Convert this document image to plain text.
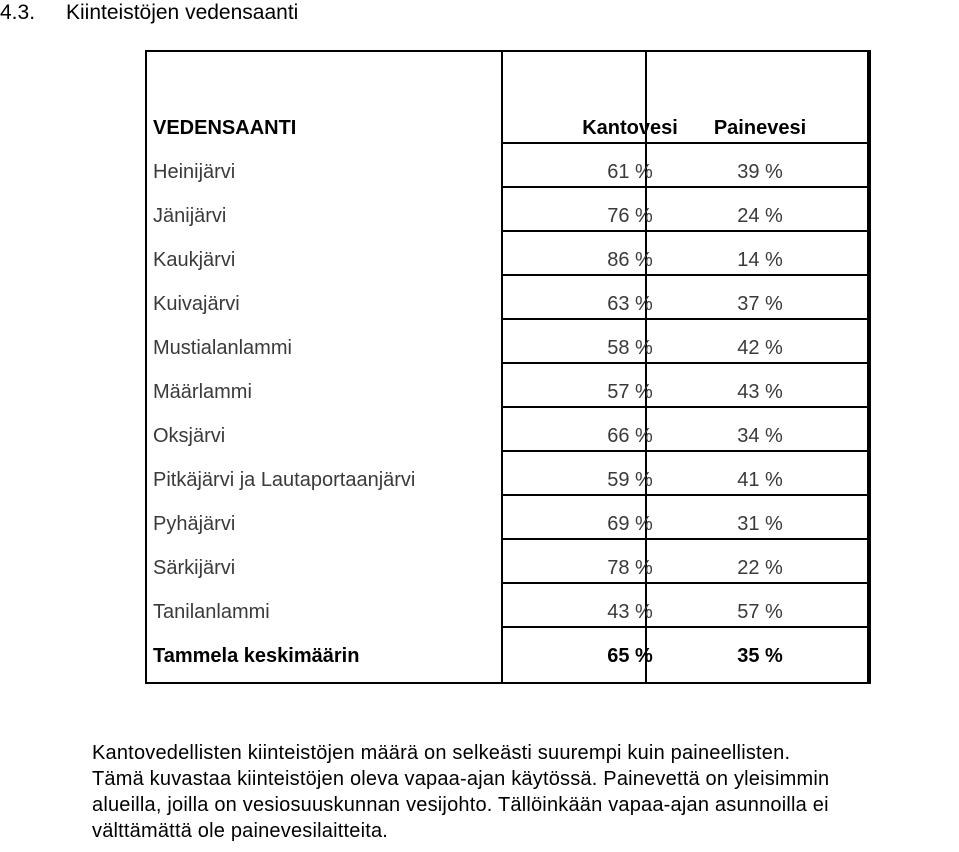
4.3. Kiinteistöjen vedensaanti
VEDENSAANTI	Kantovesi	Painevesi
Heinijärvi	61 %	39 %
Jänijärvi	76 %	24 %
Kaukjärvi	86 %	14 %
Kuivajärvi	63 %	37 %
Mustialanlammi	58 %	42 %
Määrlammi	57 %	43 %
Oksjärvi	66 %	34 %
Pitkäjärvi ja Lautaportaanjärvi	59 %	41 %
Pyhäjärvi	69 %	31 %
Särkijärvi	78 %	22 %
Tanilanlammi	43 %	57 %
Tammela keskimäärin	65 %	35 %
Kantovedellisten kiinteistöjen määrä on selkeästi suurempi kuin paineellisten.
Tämä kuvastaa kiinteistöjen oleva vapaa-ajan käytössä. Painevettä on yleisimmin
alueilla, joilla on vesiosuuskunnan vesijohto. Tällöinkään vapaa-ajan asunnoilla ei
välttämättä ole painevesilaitteita.
